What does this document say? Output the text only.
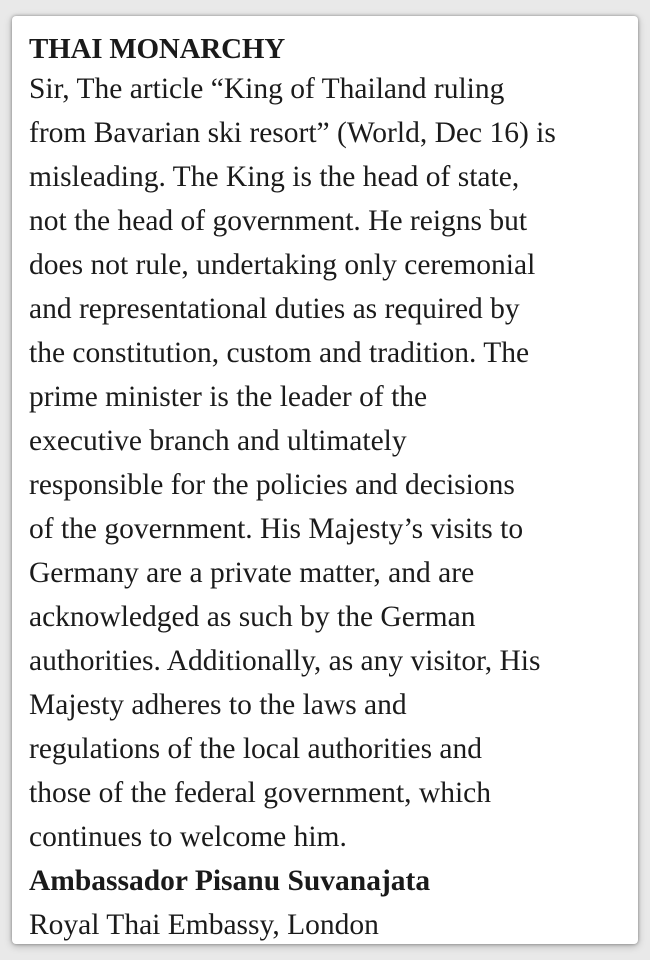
THAI MONARCHY

Sir, The article “King of Thailand ruling

from Bavarian ski resort” (World, Dec 16) is

misleading. The King is the head of state,

not the head of government. He reigns but

does not rule, undertaking only ceremonial

and representational duties as required by

the constitution, custom and tradition. The

prime minister is the leader of the

executive branch and ultimately

responsible for the policies and decisions

of the government. His Majesty’s visits to

Germany are a private matter, and are

acknowledged as such by the German

authorities. Additionally, as any visitor, His

Majesty adheres to the laws and

regulations of the local authorities and

those of the federal government, which

continues to welcome him.

Ambassador Pisanu Suvanajata

Royal Thai Embassy, London
